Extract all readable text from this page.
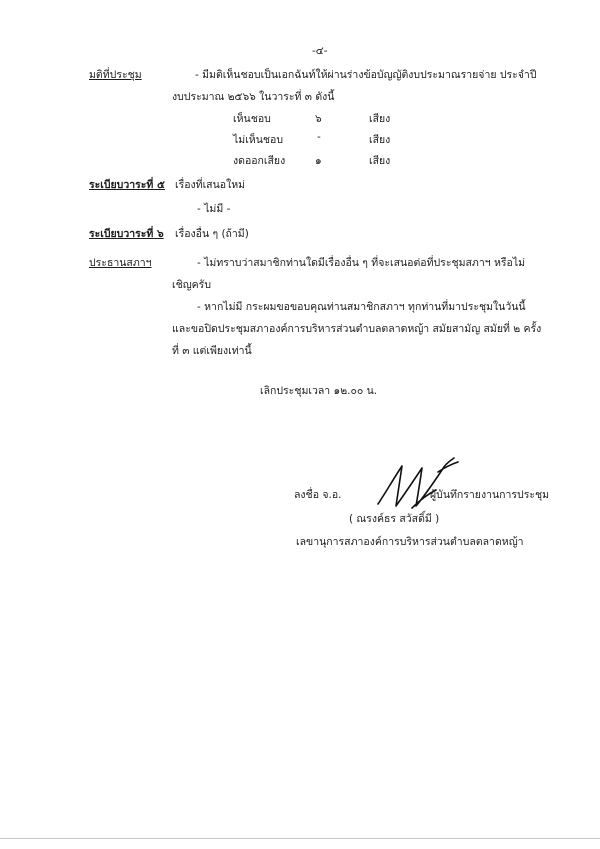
-๔-
มติที่ประชุม	- มีมติเห็นชอบเป็นเอกฉันท์ให้ผ่านร่างข้อบัญญัติงบประมาณรายจ่าย ประจำปี
งบประมาณ ๒๕๖๖ ในวาระที่ ๓ ดังนี้
เห็นชอบ	๖	เสียง
ไม่เห็นชอบ	-	เสียง
งดออกเสียง	๑	เสียง
ระเบียบวาระที่ ๕ เรื่องที่เสนอใหม่
- ไม่มี -
ระเบียบวาระที่ ๖ เรื่องอื่น ๆ (ถ้ามี)
ประธานสภาฯ	- ไม่ทราบว่าสมาชิกท่านใดมีเรื่องอื่น ๆ ที่จะเสนอต่อที่ประชุมสภาฯ หรือไม่
เชิญครับ
- หากไม่มี กระผมขอขอบคุณท่านสมาชิกสภาฯ ทุกท่านที่มาประชุมในวันนี้
และขอปิดประชุมสภาองค์การบริหารส่วนตำบลตลาดหญ้า สมัยสามัญ สมัยที่ ๒ ครั้ง
ที่ ๓ แต่เพียงเท่านี้
เลิกประชุมเวลา ๑๒.๐๐ น.
ลงชื่อ จ.อ.	ผู้บันทึกรายงานการประชุม
( ณรงค์ธร สวัสดิ์มี )
เลขานุการสภาองค์การบริหารส่วนตำบลตลาดหญ้า
